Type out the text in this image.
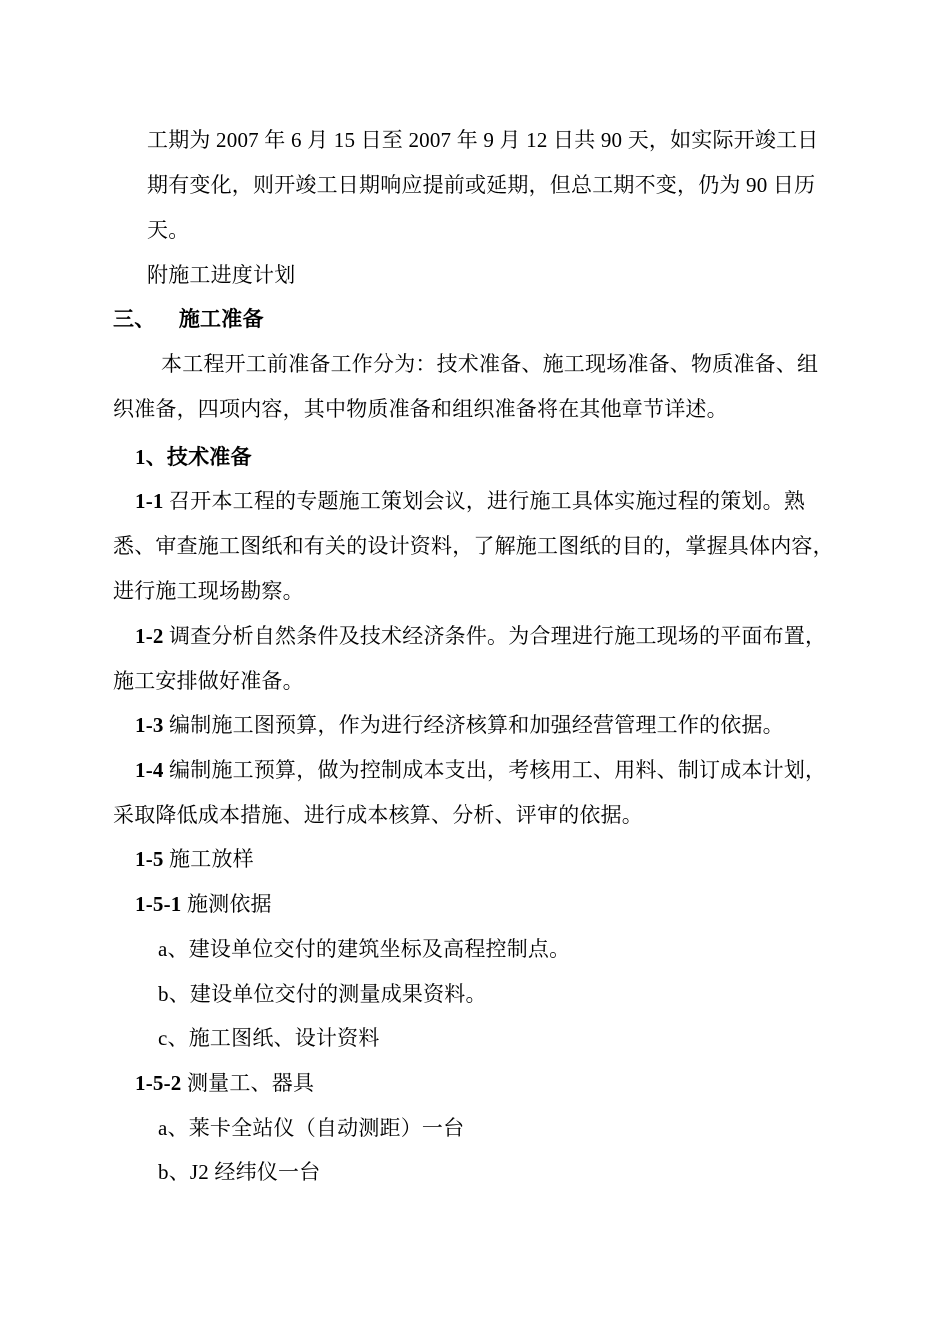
工期为 2007 年 6 月 15 日至 2007 年 9 月 12 日共 90 天，如实际开竣工日
期有变化，则开竣工日期响应提前或延期，但总工期不变，仍为 90 日历
天。
附施工进度计划
三、 施工准备
本工程开工前准备工作分为：技术准备、施工现场准备、物质准备、组
织准备，四项内容，其中物质准备和组织准备将在其他章节详述。
1、技术准备
1-1 召开本工程的专题施工策划会议，进行施工具体实施过程的策划。熟
悉、审查施工图纸和有关的设计资料，了解施工图纸的目的，掌握具体内容，
进行施工现场勘察。
1-2 调查分析自然条件及技术经济条件。为合理进行施工现场的平面布置，
施工安排做好准备。
1-3 编制施工图预算，作为进行经济核算和加强经营管理工作的依据。
1-4 编制施工预算，做为控制成本支出，考核用工、用料、制订成本计划，
采取降低成本措施、进行成本核算、分析、评审的依据。
1-5 施工放样
1-5-1 施测依据
a、建设单位交付的建筑坐标及高程控制点。
b、建设单位交付的测量成果资料。
c、施工图纸、设计资料
1-5-2 测量工、器具
a、莱卡全站仪（自动测距）一台
b、J2 经纬仪一台
